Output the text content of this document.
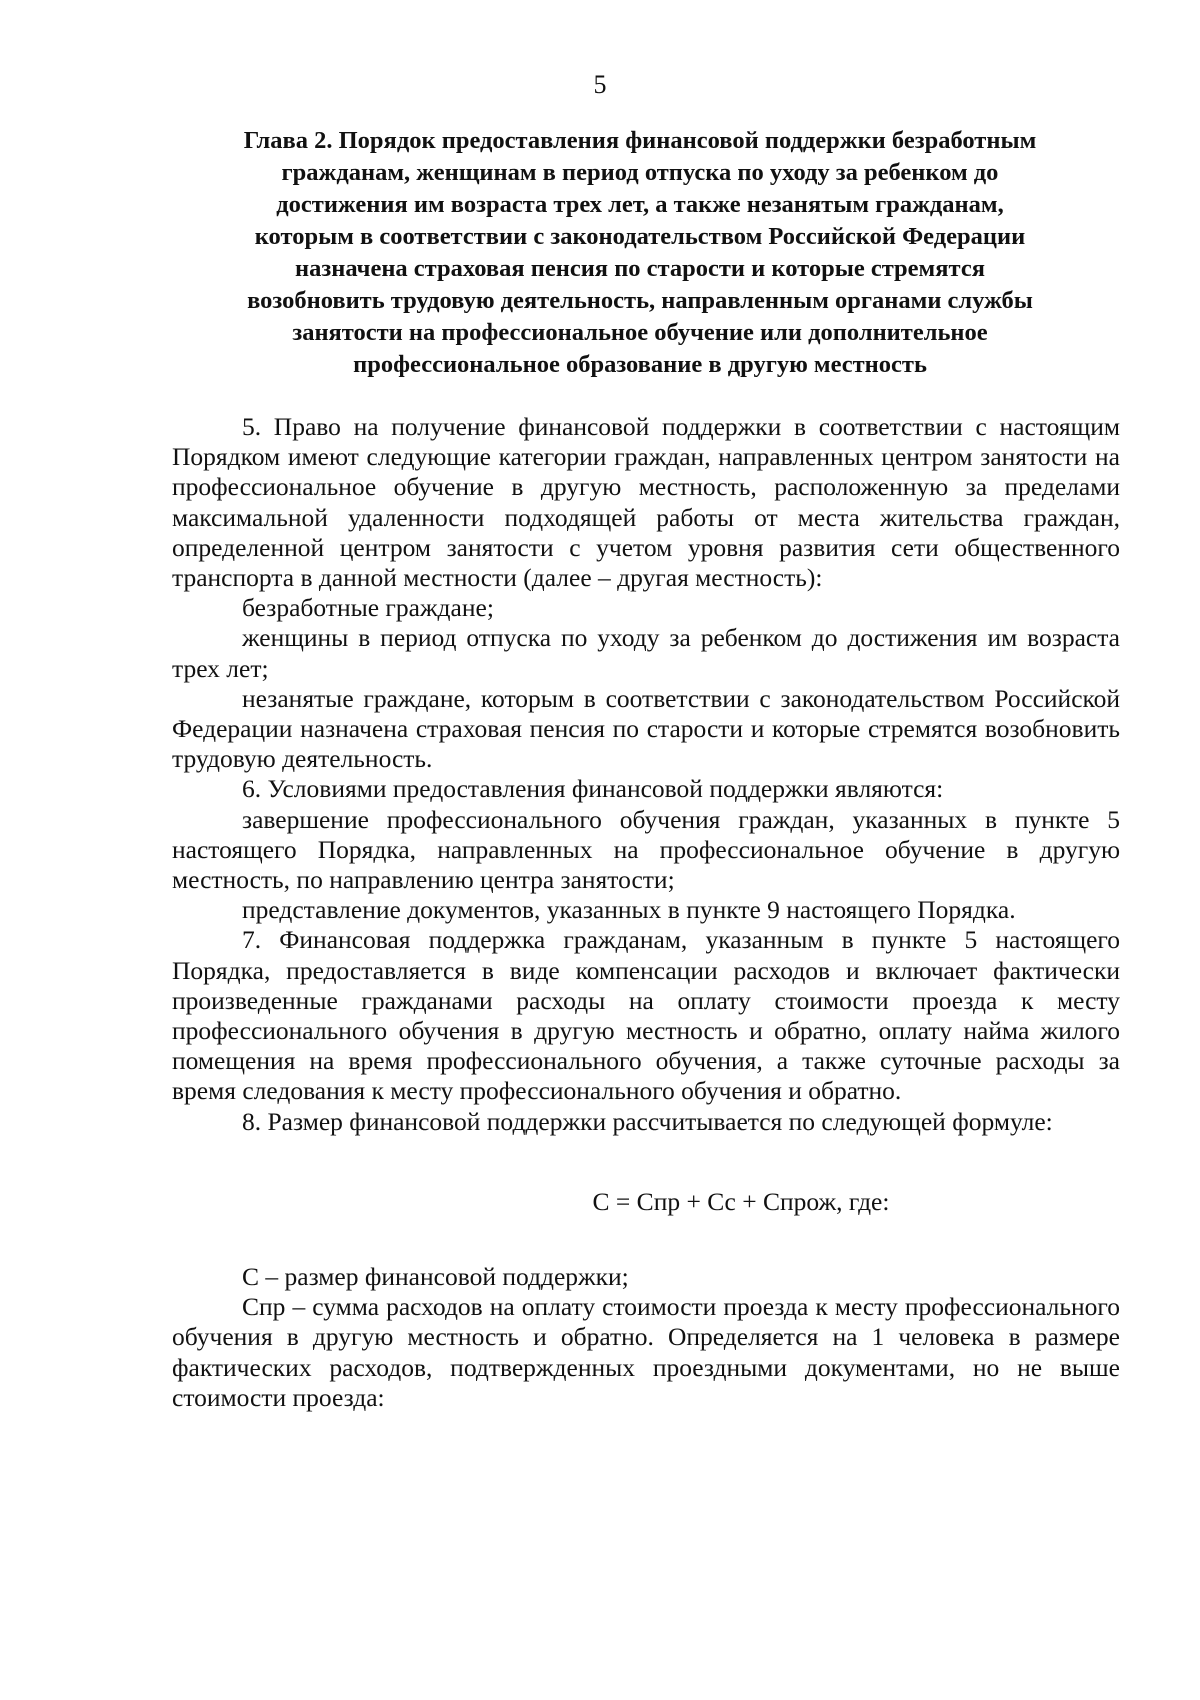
5
Глава 2. Порядок предоставления финансовой поддержки безработным
гражданам, женщинам в период отпуска по уходу за ребенком до
достижения им возраста трех лет, а также незанятым гражданам,
которым в соответствии с законодательством Российской Федерации
назначена страховая пенсия по старости и которые стремятся
возобновить трудовую деятельность, направленным органами службы
занятости на профессиональное обучение или дополнительное
профессиональное образование в другую местность

5. Право на получение финансовой поддержки в соответствии с настоящим Порядком имеют следующие категории граждан, направленных центром занятости на профессиональное обучение в другую местность, расположенную за пределами максимальной удаленности подходящей работы от места жительства граждан, определенной центром занятости с учетом уровня развития сети общественного транспорта в данной местности (далее – другая местность):

безработные граждане;

женщины в период отпуска по уходу за ребенком до достижения им возраста трех лет;

незанятые граждане, которым в соответствии с законодательством Российской Федерации назначена страховая пенсия по старости и которые стремятся возобновить трудовую деятельность.

6. Условиями предоставления финансовой поддержки являются:

завершение профессионального обучения граждан, указанных в пункте 5 настоящего Порядка, направленных на профессиональное обучение в другую местность, по направлению центра занятости;

представление документов, указанных в пункте 9 настоящего Порядка.

7. Финансовая поддержка гражданам, указанным в пункте 5 настоящего Порядка, предоставляется в виде компенсации расходов и включает фактически произведенные гражданами расходы на оплату стоимости проезда к месту профессионального обучения в другую местность и обратно, оплату найма жилого помещения на время профессионального обучения, а также суточные расходы за время следования к месту профессионального обучения и обратно.

8. Размер финансовой поддержки рассчитывается по следующей формуле:

С = Спр + Сс + Спрож, где:

С – размер финансовой поддержки;

Спр – сумма расходов на оплату стоимости проезда к месту профессионального обучения в другую местность и обратно. Определяется на 1 человека в размере фактических расходов, подтвержденных проездными документами, но не выше стоимости проезда:
